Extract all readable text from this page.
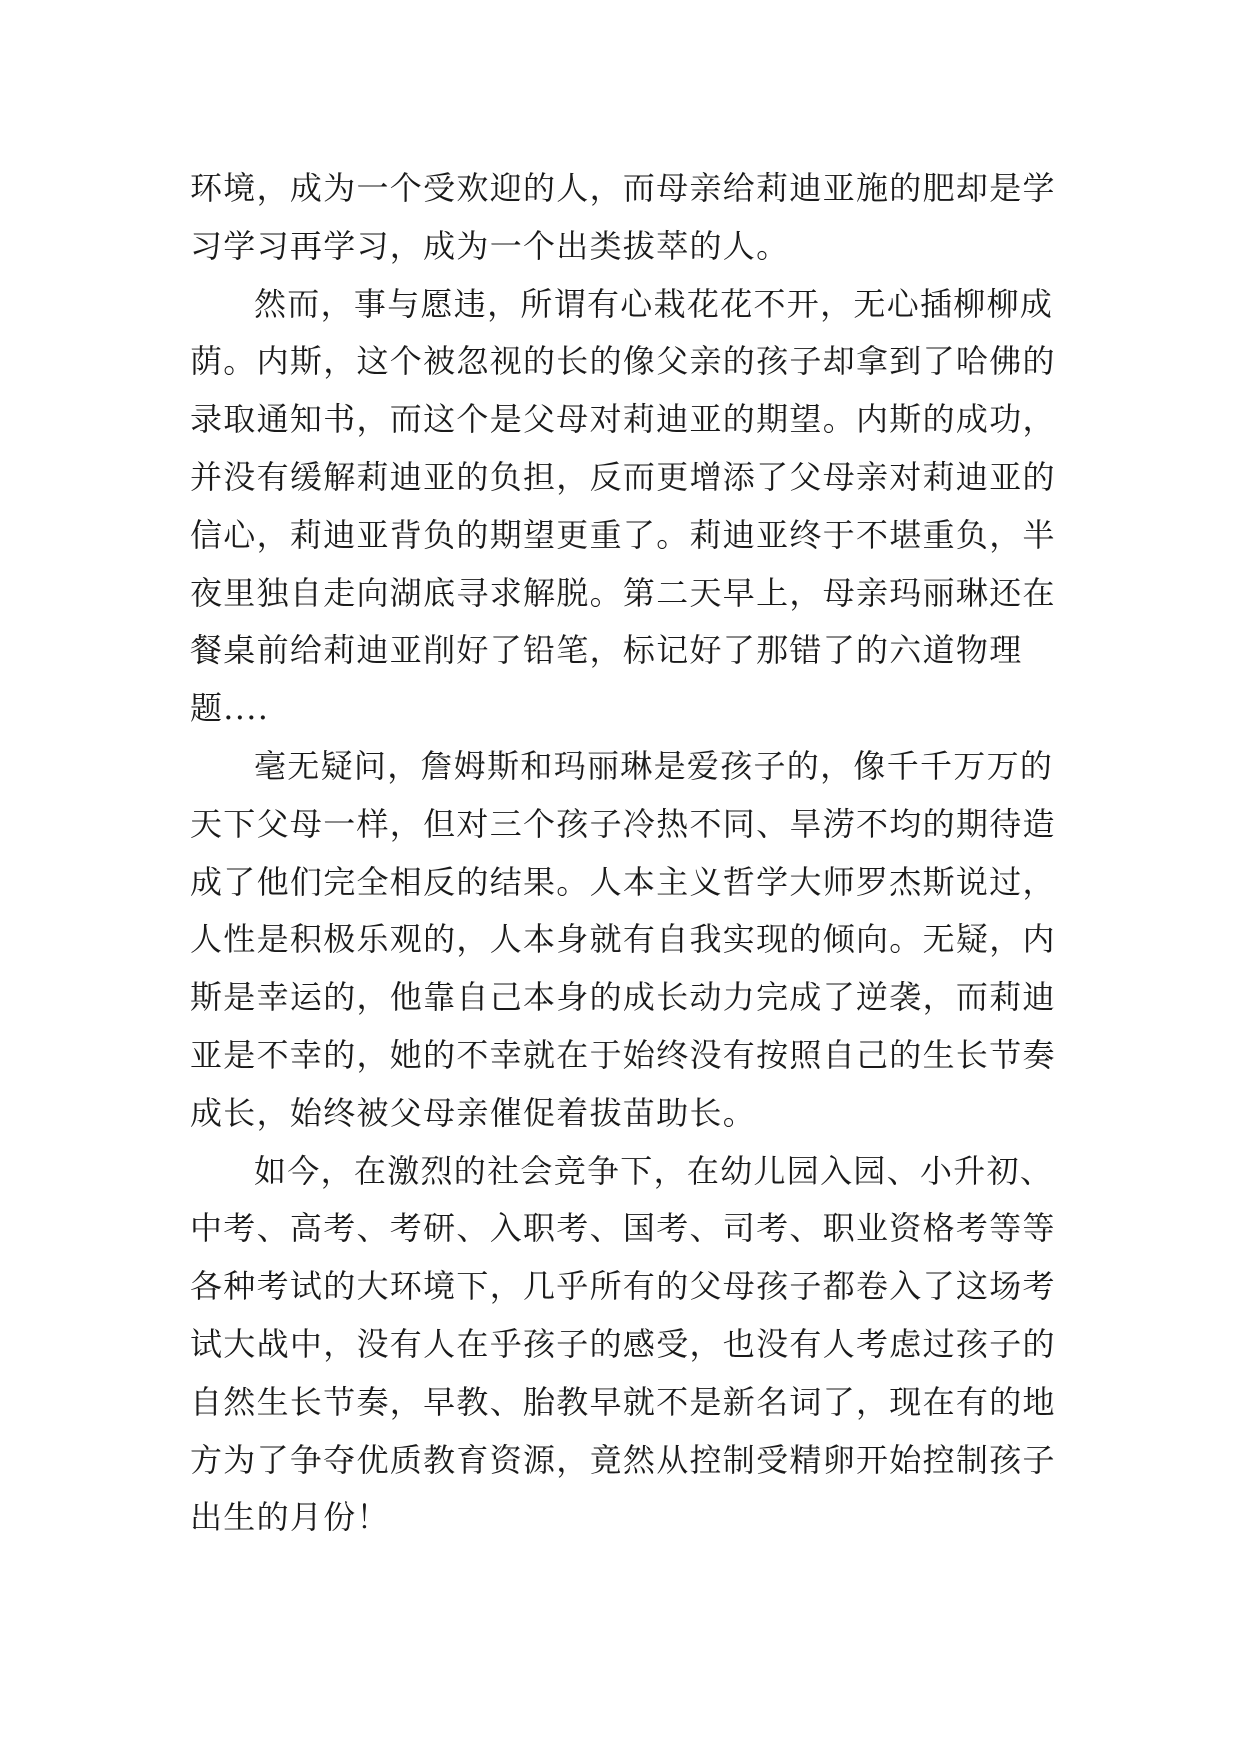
环境，成为一个受欢迎的人，而母亲给莉迪亚施的肥却是学
习学习再学习，成为一个出类拔萃的人。
然而，事与愿违，所谓有心栽花花不开，无心插柳柳成
荫。内斯，这个被忽视的长的像父亲的孩子却拿到了哈佛的
录取通知书，而这个是父母对莉迪亚的期望。内斯的成功，
并没有缓解莉迪亚的负担，反而更增添了父母亲对莉迪亚的
信心，莉迪亚背负的期望更重了。莉迪亚终于不堪重负，半
夜里独自走向湖底寻求解脱。第二天早上，母亲玛丽琳还在
餐桌前给莉迪亚削好了铅笔，标记好了那错了的六道物理
题....
毫无疑问，詹姆斯和玛丽琳是爱孩子的，像千千万万的
天下父母一样，但对三个孩子冷热不同、旱涝不均的期待造
成了他们完全相反的结果。人本主义哲学大师罗杰斯说过，
人性是积极乐观的，人本身就有自我实现的倾向。无疑，内
斯是幸运的，他靠自己本身的成长动力完成了逆袭，而莉迪
亚是不幸的，她的不幸就在于始终没有按照自己的生长节奏
成长，始终被父母亲催促着拔苗助长。
如今，在激烈的社会竞争下，在幼儿园入园、小升初、
中考、高考、考研、入职考、国考、司考、职业资格考等等
各种考试的大环境下，几乎所有的父母孩子都卷入了这场考
试大战中，没有人在乎孩子的感受，也没有人考虑过孩子的
自然生长节奏，早教、胎教早就不是新名词了，现在有的地
方为了争夺优质教育资源，竟然从控制受精卵开始控制孩子
出生的月份！
